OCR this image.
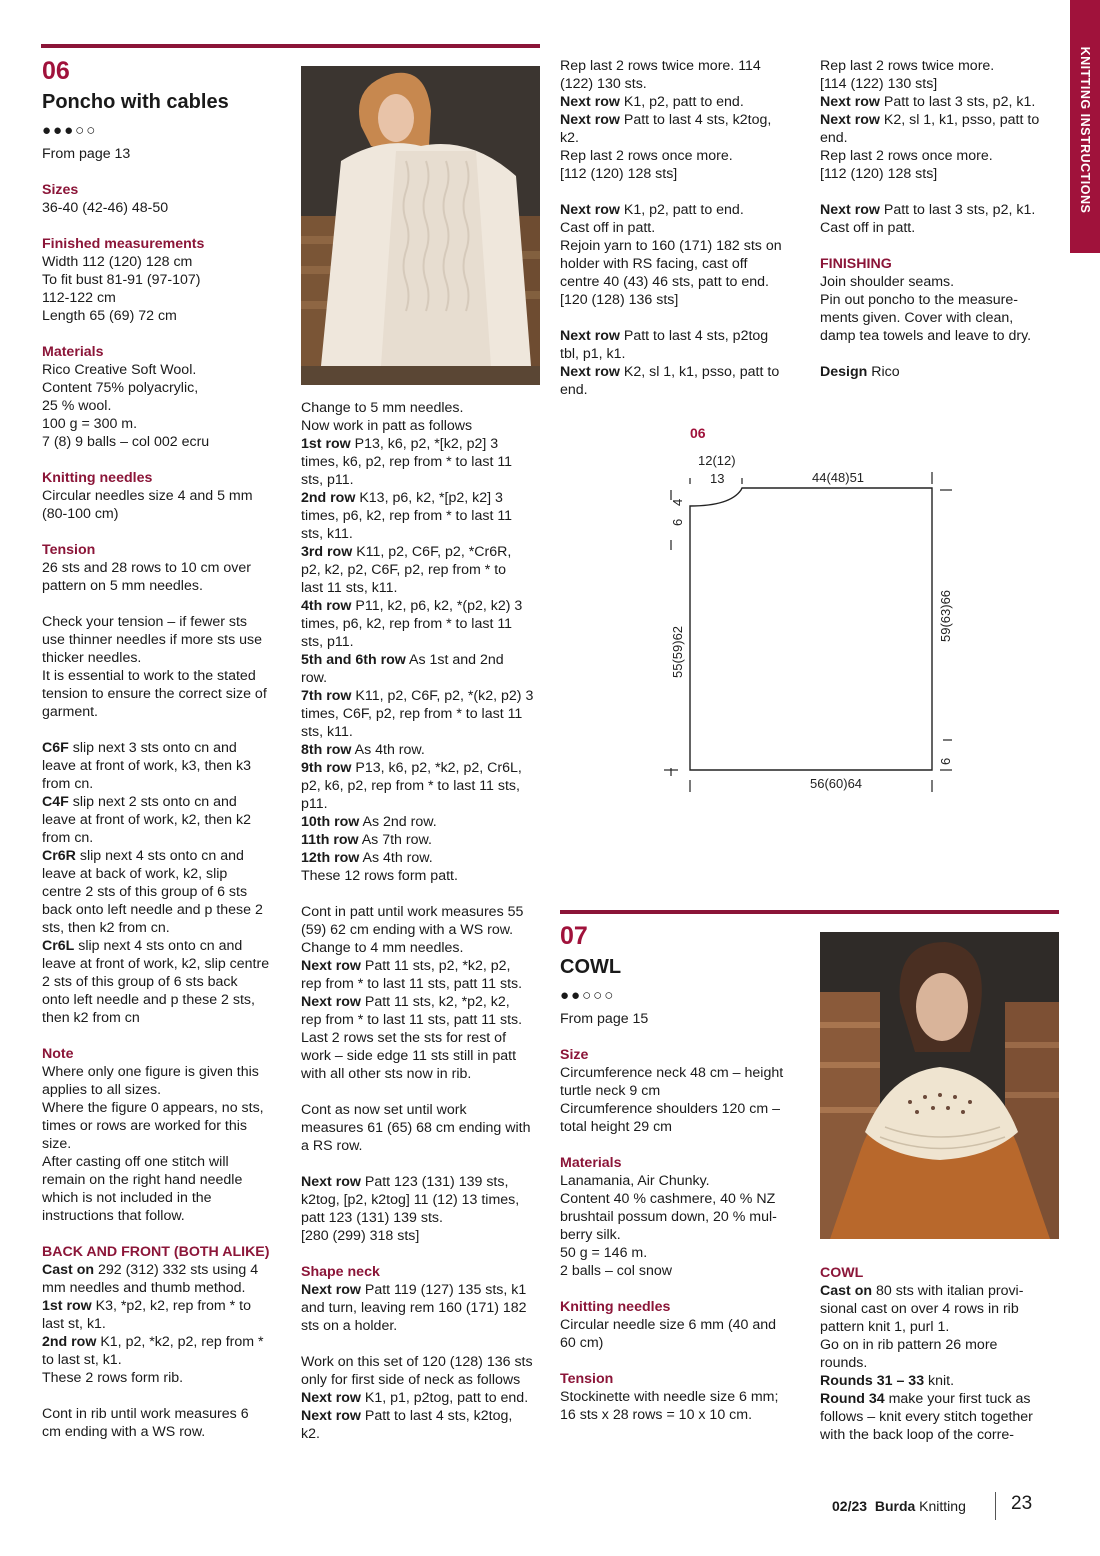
KNITTING INSTRUCTIONS
06
Poncho with cables
●●●○○

From page 13

Sizes

36-40 (42-46) 48-50

Finished measurements

Width 112 (120) 128 cm
To fit bust 81-91 (97-107)
112-122 cm
Length 65 (69) 72 cm

Materials

Rico Creative Soft Wool.
Content 75% polyacrylic,
25 % wool.
100 g = 300 m.
7 (8) 9 balls – col 002 ecru

Knitting needles

Circular needles size 4 and 5 mm
(80-100 cm)

Tension

26 sts and 28 rows to 10 cm over
pattern on 5 mm needles.

Check your tension – if fewer sts
use thinner needles if more sts use
thicker needles.
It is essential to work to the stated
tension to ensure the correct size of
garment.

C6F slip next 3 sts onto cn and
leave at front of work, k3, then k3
from cn.

C4F slip next 2 sts onto cn and
leave at front of work, k2, then k2
from cn.

Cr6R slip next 4 sts onto cn and
leave at back of work, k2, slip
centre 2 sts of this group of 6 sts
back onto left needle and p these 2
sts, then k2 from cn.

Cr6L slip next 4 sts onto cn and
leave at front of work, k2, slip centre
2 sts of this group of 6 sts back
onto left needle and p these 2 sts,
then k2 from cn

Note

Where only one figure is given this
applies to all sizes.
Where the figure 0 appears, no sts,
times or rows are worked for this
size.
After casting off one stitch will
remain on the right hand needle
which is not included in the
instructions that follow.

BACK AND FRONT (BOTH ALIKE)

Cast on 292 (312) 332 sts using 4
mm needles and thumb method.

1st row K3, *p2, k2, rep from * to
last st, k1.

2nd row K1, p2, *k2, p2, rep from *
to last st, k1.

These 2 rows form rib.

Cont in rib until work measures 6
cm ending with a WS row.

Change to 5 mm needles.
Now work in patt as follows

1st row P13, k6, p2, *[k2, p2] 3
times, k6, p2, rep from * to last 11
sts, p11.

2nd row K13, p6, k2, *[p2, k2] 3
times, p6, k2, rep from * to last 11
sts, k11.

3rd row K11, p2, C6F, p2, *Cr6R,
p2, k2, p2, C6F, p2, rep from * to
last 11 sts, k11.

4th row P11, k2, p6, k2, *(p2, k2) 3
times, p6, k2, rep from * to last 11
sts, p11.

5th and 6th row As 1st and 2nd
row.

7th row K11, p2, C6F, p2, *(k2, p2) 3
times, C6F, p2, rep from * to last 11
sts, k11.

8th row As 4th row.

9th row P13, k6, p2, *k2, p2, Cr6L,
p2, k6, p2, rep from * to last 11 sts,
p11.

10th row As 2nd row.

11th row As 7th row.

12th row As 4th row.

These 12 rows form patt.

Cont in patt until work measures 55
(59) 62 cm ending with a WS row.
Change to 4 mm needles.

Next row Patt 11 sts, p2, *k2, p2,
rep from * to last 11 sts, patt 11 sts.

Next row Patt 11 sts, k2, *p2, k2,
rep from * to last 11 sts, patt 11 sts.

Last 2 rows set the sts for rest of
work – side edge 11 sts still in patt
with all other sts now in rib.

Cont as now set until work
measures 61 (65) 68 cm ending with
a RS row.

Next row Patt 123 (131) 139 sts,
k2tog, [p2, k2tog] 11 (12) 13 times,
patt 123 (131) 139 sts.
[280 (299) 318 sts]

Shape neck

Next row Patt 119 (127) 135 sts, k1
and turn, leaving rem 160 (171) 182
sts on a holder.

Work on this set of 120 (128) 136 sts
only for first side of neck as follows

Next row K1, p1, p2tog, patt to end.

Next row Patt to last 4 sts, k2tog,
k2.

Rep last 2 rows twice more. 114
(122) 130 sts.

Next row K1, p2, patt to end.

Next row Patt to last 4 sts, k2tog,
k2.

Rep last 2 rows once more.
[112 (120) 128 sts]

Next row K1, p2, patt to end.

Cast off in patt.
Rejoin yarn to 160 (171) 182 sts on
holder with RS facing, cast off
centre 40 (43) 46 sts, patt to end.
[120 (128) 136 sts]

Next row Patt to last 4 sts, p2tog
tbl, p1, k1.

Next row K2, sl 1, k1, psso, patt to
end.

Rep last 2 rows twice more.
[114 (122) 130 sts]

Next row Patt to last 3 sts, p2, k1.

Next row K2, sl 1, k1, psso, patt to
end.

Rep last 2 rows once more.
[112 (120) 128 sts]

Next row Patt to last 3 sts, p2, k1.

Cast off in patt.

FINISHING

Join shoulder seams.
Pin out poncho to the measure-
ments given. Cover with clean,
damp tea towels and leave to dry.

Design Rico

06
12(12)
13	44(48)51
56(60)64
6
4
55(59)62
59(63)66
6
07
COWL
●●○○○

From page 15

Size

Circumference neck 48 cm – height
turtle neck 9 cm
Circumference shoulders 120 cm –
total height 29 cm

Materials

Lanamania, Air Chunky.
Content 40 % cashmere, 40 % NZ
brushtail possum down, 20 % mul-
berry silk.
50 g = 146 m.
2 balls – col snow

Knitting needles

Circular needle size 6 mm (40 and
60 cm)

Tension

Stockinette with needle size 6 mm;
16 sts x 28 rows = 10 x 10 cm.

COWL

Cast on 80 sts with italian provi-
sional cast on over 4 rows in rib
pattern knit 1, purl 1.
Go on in rib pattern 26 more
rounds.

Rounds 31 – 33 knit.

Round 34 make your first tuck as
follows – knit every stitch together
with the back loop of the corre-

02/23 Burda Knitting 23
